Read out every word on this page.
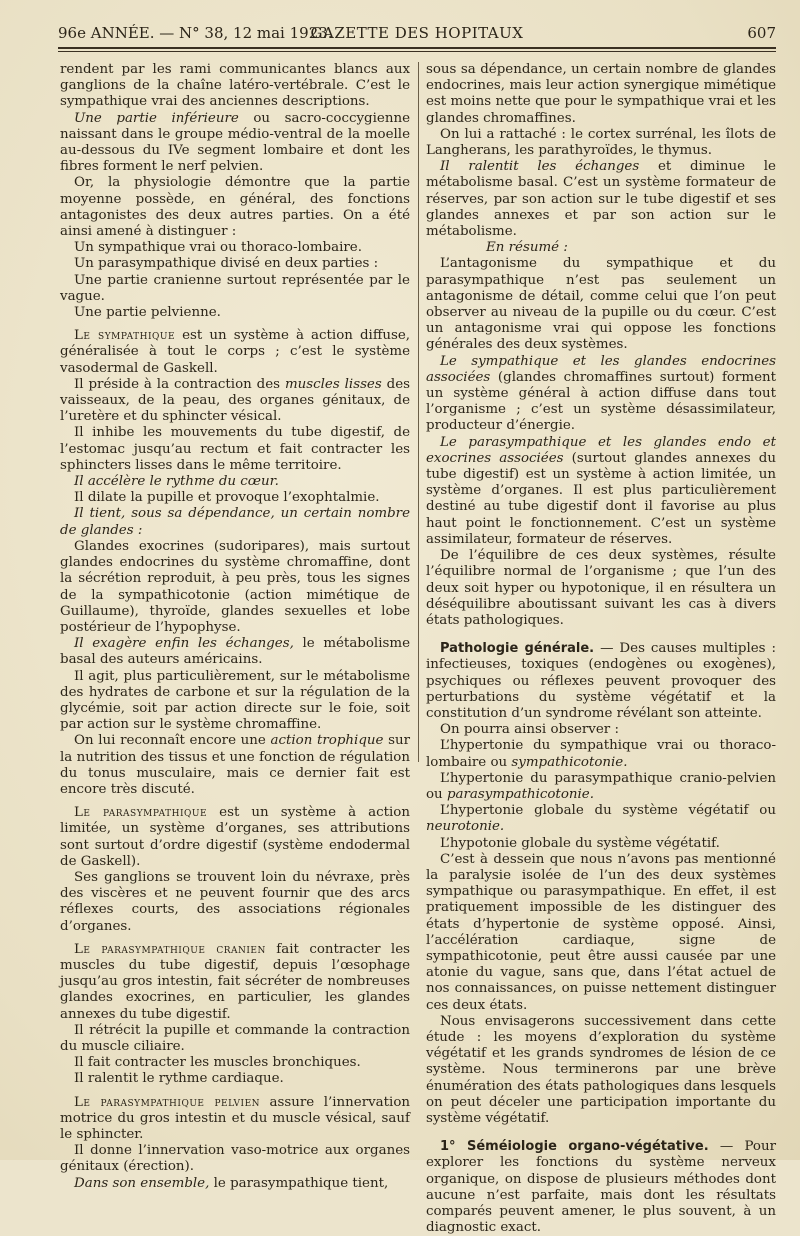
96e ANNÉE. — N° 38, 12 mai 1923.
GAZETTE DES HOPITAUX	607

rendent par les rami communicantes blancs aux ganglions de la chaîne latéro-vertébrale. C’est le sympathique vrai des anciennes descriptions.

Une partie inférieure ou sacro-coccygienne naissant dans le groupe médio-ventral de la moelle au-dessous du IVe segment lombaire et dont les fibres forment le nerf pelvien.

Or, la physiologie démontre que la partie moyenne possède, en général, des fonctions antagonistes des deux autres parties. On a été ainsi amené à distinguer :

Un sympathique vrai ou thoraco-lombaire.

Un parasympathique divisé en deux parties :

Une partie cranienne surtout représentée par le vague.

Une partie pelvienne.

Le sympathique est un système à action diffuse, généralisée à tout le corps ; c’est le système vasodermal de Gaskell.

Il préside à la contraction des muscles lisses des vaisseaux, de la peau, des organes génitaux, de l’uretère et du sphincter vésical.

Il inhibe les mouvements du tube digestif, de l’estomac jusqu’au rectum et fait contracter les sphincters lisses dans le même territoire.

Il accélère le rythme du cœur.

Il dilate la pupille et provoque l’exophtalmie.

Il tient, sous sa dépendance, un certain nombre de glandes :

Glandes exocrines (sudoripares), mais surtout glandes endocrines du système chromaffine, dont la sécrétion reproduit, à peu près, tous les signes de la sympathicotonie (action mimétique de Guillaume), thyroïde, glandes sexuelles et lobe postérieur de l’hypophyse.

Il exagère enfin les échanges, le métabolisme basal des auteurs américains.

Il agit, plus particulièrement, sur le métabolisme des hydrates de carbone et sur la régulation de la glycémie, soit par action directe sur le foie, soit par action sur le système chromaffine.

On lui reconnaît encore une action trophique sur la nutrition des tissus et une fonction de régulation du tonus musculaire, mais ce dernier fait est encore très discuté.

Le parasympathique est un système à action limitée, un système d’organes, ses attributions sont surtout d’ordre digestif (système endodermal de Gaskell).

Ses ganglions se trouvent loin du névraxe, près des viscères et ne peuvent fournir que des arcs réflexes courts, des associations régionales d’organes.

Le parasympathique cranien fait contracter les muscles du tube digestif, depuis l’œsophage jusqu’au gros intestin, fait sécréter de nombreuses glandes exocrines, en particulier, les glandes annexes du tube digestif.

Il rétrécit la pupille et commande la contraction du muscle ciliaire.

Il fait contracter les muscles bronchiques.

Il ralentit le rythme cardiaque.

Le parasympathique pelvien assure l’innervation motrice du gros intestin et du muscle vésical, sauf le sphincter.

Il donne l’innervation vaso-motrice aux organes génitaux (érection).

Dans son ensemble, le parasympathique tient,

sous sa dépendance, un certain nombre de glandes endocrines, mais leur action synergique mimétique est moins nette que pour le sympathique vrai et les glandes chromaffines.

On lui a rattaché : le cortex surrénal, les îlots de Langherans, les parathyroïdes, le thymus.

Il ralentit les échanges et diminue le métabolisme basal. C’est un système formateur de réserves, par son action sur le tube digestif et ses glandes annexes et par son action sur le métabolisme.

En résumé :

L’antagonisme du sympathique et du parasympathique n’est pas seulement un antagonisme de détail, comme celui que l’on peut observer au niveau de la pupille ou du cœur. C’est un antagonisme vrai qui oppose les fonctions générales des deux systèmes.

Le sympathique et les glandes endocrines associées (glandes chromaffines surtout) forment un système général à action diffuse dans tout l’organisme ; c’est un système désassimilateur, producteur d’énergie.

Le parasympathique et les glandes endo et exocrines associées (surtout glandes annexes du tube digestif) est un système à action limitée, un système d’organes. Il est plus particulièrement destiné au tube digestif dont il favorise au plus haut point le fonctionnement. C’est un système assimilateur, formateur de réserves.

De l’équilibre de ces deux systèmes, résulte l’équilibre normal de l’organisme ; que l’un des deux soit hyper ou hypotonique, il en résultera un déséquilibre aboutissant suivant les cas à divers états pathologiques.

Pathologie générale. — Des causes multiples : infectieuses, toxiques (endogènes ou exogènes), psychiques ou réflexes peuvent provoquer des perturbations du système végétatif et la constitution d’un syndrome révélant son atteinte.

On pourra ainsi observer :

L’hypertonie du sympathique vrai ou thoraco-lombaire ou sympathicotonie.

L’hypertonie du parasympathique cranio-pelvien ou parasympathicotonie.

L’hypertonie globale du système végétatif ou neurotonie.

L’hypotonie globale du système végétatif.

C’est à dessein que nous n’avons pas mentionné la paralysie isolée de l’un des deux systèmes sympathique ou parasympathique. En effet, il est pratiquement impossible de les distinguer des états d’hypertonie de système opposé. Ainsi, l’accélération cardiaque, signe de sympathicotonie, peut être aussi causée par une atonie du vague, sans que, dans l’état actuel de nos connaissances, on puisse nettement distinguer ces deux états.

Nous envisagerons successivement dans cette étude : les moyens d’exploration du système végétatif et les grands syndromes de lésion de ce système. Nous terminerons par une brève énumération des états pathologiques dans lesquels on peut déceler une participation importante du système végétatif.

1° Séméiologie organo-végétative. — Pour explorer les fonctions du système nerveux organique, on dispose de plusieurs méthodes dont aucune n’est parfaite, mais dont les résultats comparés peuvent amener, le plus souvent, à un diagnostic exact.
